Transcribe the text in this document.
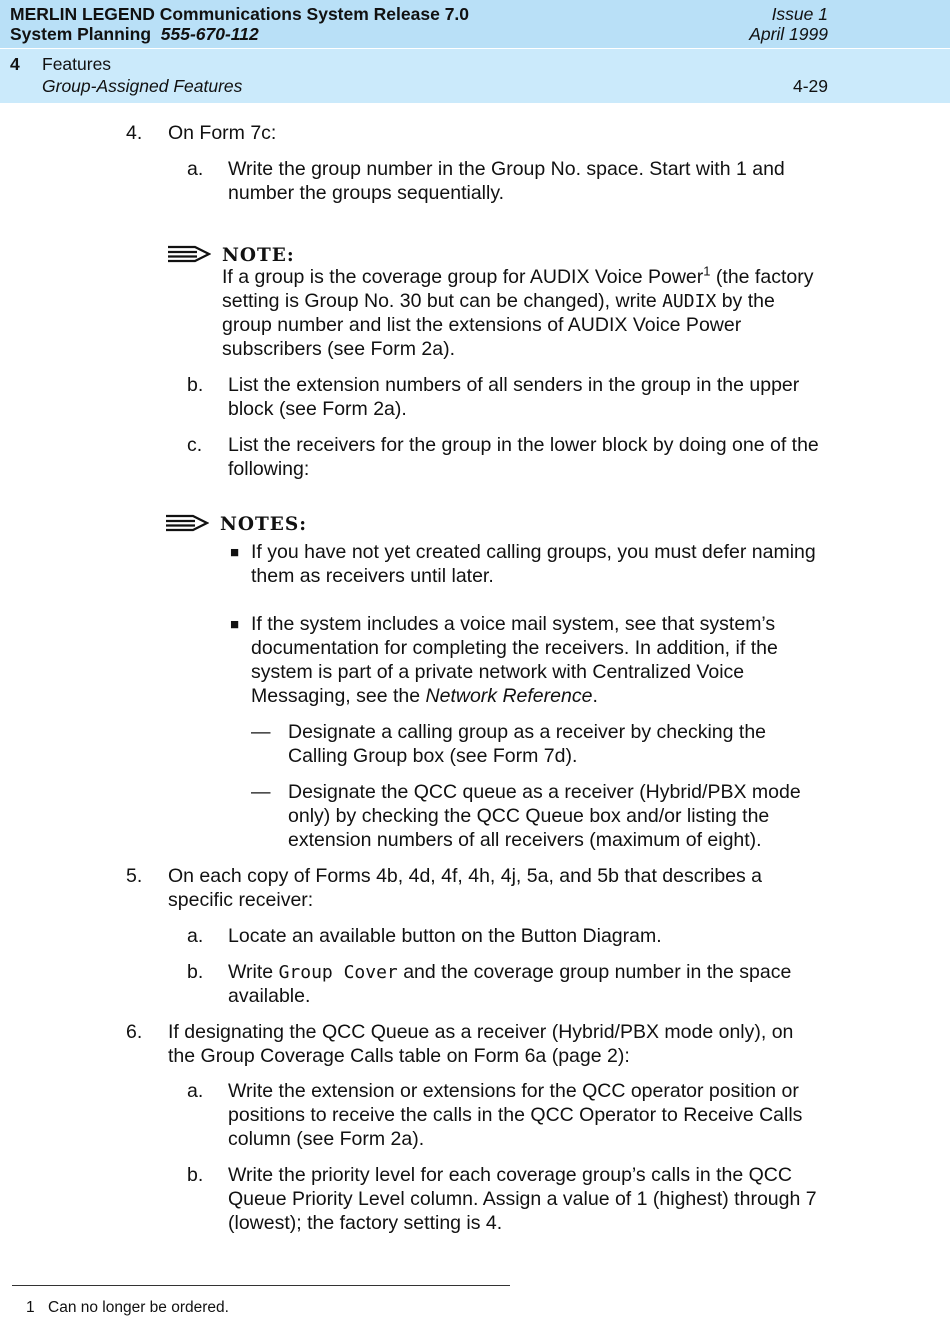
MERLIN LEGEND Communications System Release 7.0
System Planning 555-670-112
Issue 1
April 1999
4 Features
Group-Assigned Features	4-29
4. On Form 7c:
a. Write the group number in the Group No. space. Start with 1 and
number the groups sequentially.
NOTE:
If a group is the coverage group for AUDIX Voice Power$^1$ (the factory
setting is Group No. 30 but can be changed), write AUDIX by the
group number and list the extensions of AUDIX Voice Power
subscribers (see Form 2a).
b. List the extension numbers of all senders in the group in the upper
block (see Form 2a).
c. List the receivers for the group in the lower block by doing one of the
following:
NOTES:
■ If you have not yet created calling groups, you must defer naming
them as receivers until later.
■ If the system includes a voice mail system, see that system’s
documentation for completing the receivers. In addition, if the
system is part of a private network with Centralized Voice
Messaging, see the Network Reference.
— Designate a calling group as a receiver by checking the
Calling Group box (see Form 7d).
— Designate the QCC queue as a receiver (Hybrid/PBX mode
only) by checking the QCC Queue box and/or listing the
extension numbers of all receivers (maximum of eight).
5. On each copy of Forms 4b, 4d, 4f, 4h, 4j, 5a, and 5b that describes a
specific receiver:
a. Locate an available button on the Button Diagram.
b. Write Group Cover and the coverage group number in the space
available.
6. If designating the QCC Queue as a receiver (Hybrid/PBX mode only), on
the Group Coverage Calls table on Form 6a (page 2):
a. Write the extension or extensions for the QCC operator position or
positions to receive the calls in the QCC Operator to Receive Calls
column (see Form 2a).
b. Write the priority level for each coverage group’s calls in the QCC
Queue Priority Level column. Assign a value of 1 (highest) through 7
(lowest); the factory setting is 4.
1 Can no longer be ordered.
